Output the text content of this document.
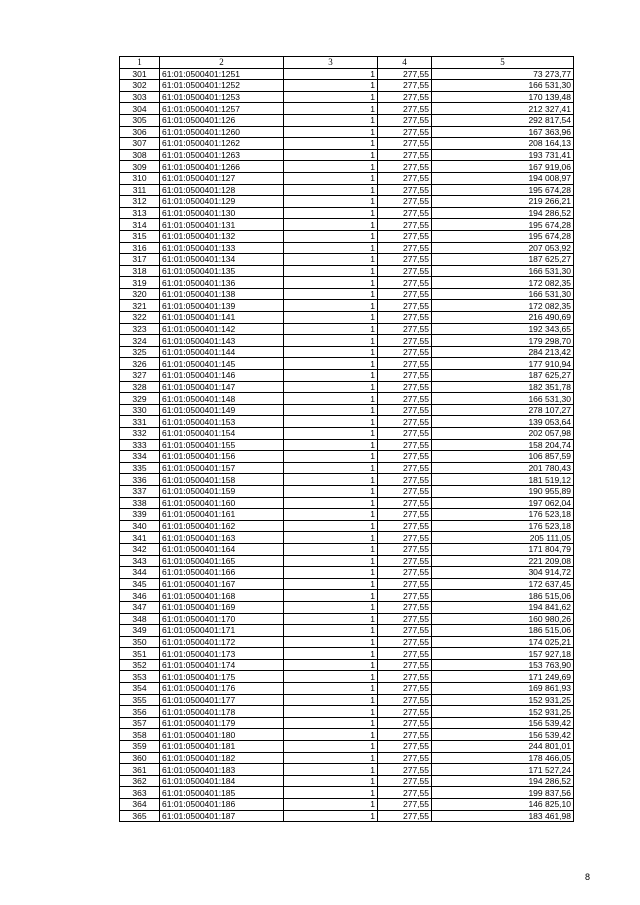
1	2	3	4	5
301	61:01:0500401:1251	1	277,55	73 273,77
302	61:01:0500401:1252	1	277,55	166 531,30
303	61:01:0500401:1253	1	277,55	170 139,48
304	61:01:0500401:1257	1	277,55	212 327,41
305	61:01:0500401:126	1	277,55	292 817,54
306	61:01:0500401:1260	1	277,55	167 363,96
307	61:01:0500401:1262	1	277,55	208 164,13
308	61:01:0500401:1263	1	277,55	193 731,41
309	61:01:0500401:1266	1	277,55	167 919,06
310	61:01:0500401:127	1	277,55	194 008,97
311	61:01:0500401:128	1	277,55	195 674,28
312	61:01:0500401:129	1	277,55	219 266,21
313	61:01:0500401:130	1	277,55	194 286,52
314	61:01:0500401:131	1	277,55	195 674,28
315	61:01:0500401:132	1	277,55	195 674,28
316	61:01:0500401:133	1	277,55	207 053,92
317	61:01:0500401:134	1	277,55	187 625,27
318	61:01:0500401:135	1	277,55	166 531,30
319	61:01:0500401:136	1	277,55	172 082,35
320	61:01:0500401:138	1	277,55	166 531,30
321	61:01:0500401:139	1	277,55	172 082,35
322	61:01:0500401:141	1	277,55	216 490,69
323	61:01:0500401:142	1	277,55	192 343,65
324	61:01:0500401:143	1	277,55	179 298,70
325	61:01:0500401:144	1	277,55	284 213,42
326	61:01:0500401:145	1	277,55	177 910,94
327	61:01:0500401:146	1	277,55	187 625,27
328	61:01:0500401:147	1	277,55	182 351,78
329	61:01:0500401:148	1	277,55	166 531,30
330	61:01:0500401:149	1	277,55	278 107,27
331	61:01:0500401:153	1	277,55	139 053,64
332	61:01:0500401:154	1	277,55	202 057,98
333	61:01:0500401:155	1	277,55	158 204,74
334	61:01:0500401:156	1	277,55	106 857,59
335	61:01:0500401:157	1	277,55	201 780,43
336	61:01:0500401:158	1	277,55	181 519,12
337	61:01:0500401:159	1	277,55	190 955,89
338	61:01:0500401:160	1	277,55	197 062,04
339	61:01:0500401:161	1	277,55	176 523,18
340	61:01:0500401:162	1	277,55	176 523,18
341	61:01:0500401:163	1	277,55	205 111,05
342	61:01:0500401:164	1	277,55	171 804,79
343	61:01:0500401:165	1	277,55	221 209,08
344	61:01:0500401:166	1	277,55	304 914,72
345	61:01:0500401:167	1	277,55	172 637,45
346	61:01:0500401:168	1	277,55	186 515,06
347	61:01:0500401:169	1	277,55	194 841,62
348	61:01:0500401:170	1	277,55	160 980,26
349	61:01:0500401:171	1	277,55	186 515,06
350	61:01:0500401:172	1	277,55	174 025,21
351	61:01:0500401:173	1	277,55	157 927,18
352	61:01:0500401:174	1	277,55	153 763,90
353	61:01:0500401:175	1	277,55	171 249,69
354	61:01:0500401:176	1	277,55	169 861,93
355	61:01:0500401:177	1	277,55	152 931,25
356	61:01:0500401:178	1	277,55	152 931,25
357	61:01:0500401:179	1	277,55	156 539,42
358	61:01:0500401:180	1	277,55	156 539,42
359	61:01:0500401:181	1	277,55	244 801,01
360	61:01:0500401:182	1	277,55	178 466,05
361	61:01:0500401:183	1	277,55	171 527,24
362	61:01:0500401:184	1	277,55	194 286,52
363	61:01:0500401:185	1	277,55	199 837,56
364	61:01:0500401:186	1	277,55	146 825,10
365	61:01:0500401:187	1	277,55	183 461,98
8
